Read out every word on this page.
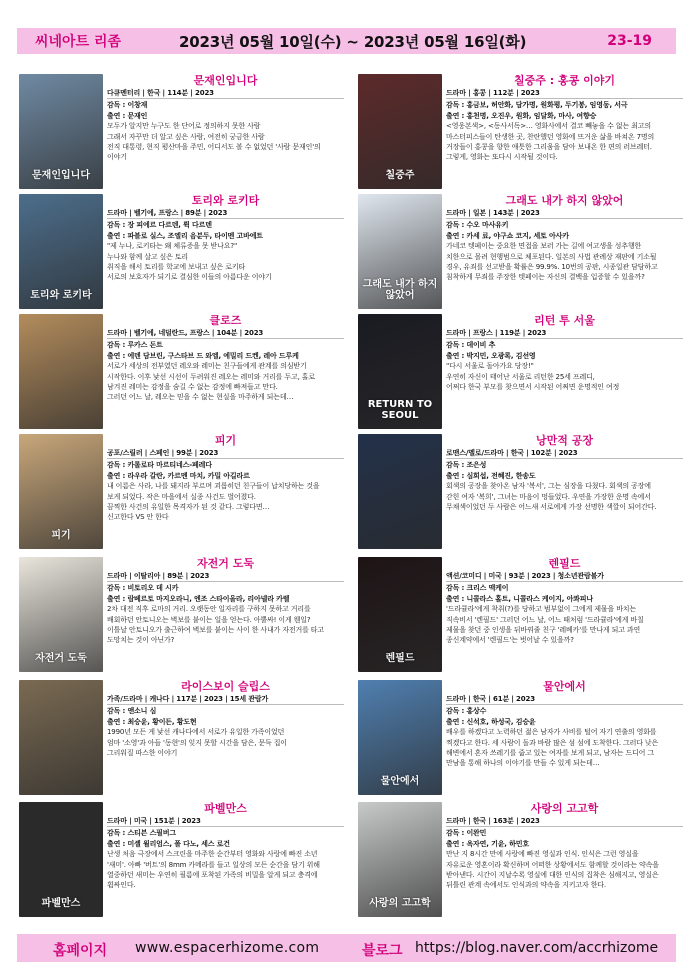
씨네아트 리좀	2023년 05월 10일(수) ~ 2023년 05월 16일(화)	23-19
문재인입니다
문재인입니다
다큐멘터리 | 한국 | 114분 | 2023
감독 : 이창재
출연 : 문재인

모두가 알지만 누구도 한 단어로 정의하지 못한 사람

그래서 자꾸만 더 알고 싶은 사람, 여전히 궁금한 사람

전직 대통령, 현직 평산마을 주민, 어디서도 볼 수 없었던 '사람 문재인'의

이야기

토리와 로키타
토리와 로키타
드라마 | 벨기에, 프랑스 | 89분 | 2023
감독 : 장 피에르 다르덴, 뤽 다르덴
출연 : 파블로 실스, 조엘리 음분두, 타이멘 고바에트

"제 누나, 로키타는 왜 체류증을 못 받나요?"

누나와 함께 살고 싶은 토리

취직을 해서 토리를 학교에 보내고 싶은 로키타

서로의 보호자가 되기로 결심한 이들의 아름다운 이야기

클로즈
드라마 | 벨기에, 네덜란드, 프랑스 | 104분 | 2023
감독 : 루카스 돈트
출연 : 에덴 담브린, 구스타브 드 와엘, 에밀리 드켄, 레아 드루케

서로가 세상의 전부였던 레오와 레미는 친구들에게 관계를 의심받기

시작한다. 이후 낯선 시선이 두려워진 레오는 레미와 거리를 두고, 홀로

남겨진 레미는 감정을 숨길 수 없는 감정에 빠져들고 만다.

그러던 어느 날, 레오는 믿을 수 없는 현실을 마주하게 되는데…

피기
피기
공포/스릴러 | 스페인 | 99분 | 2023
감독 : 카롤로타 마르티네스-페레다
출연 : 라우라 갈란, 카르멘 마치, 카밀 아길라르

내 이름은 사라, 나를 돼지라 부르며 괴롭히던 친구들이 납치당하는 것을

보게 되었다. 작은 마을에서 실종 사건도 벌어졌다.

끔찍한 사건의 유일한 목격자가 된 것 같다. 그렇다면…

신고한다 VS 안 한다

자전거 도둑
자전거 도둑
드라마 | 이탈리아 | 89분 | 2023
감독 : 비토리오 데 시카
출연 : 람베르토 마지오라니, 엔조 스타이올라, 리아넬라 카렐

2차 대전 직후 로마의 거리. 오랫동안 일자리를 구하지 못하고 거리를

배회하던 안토니오는 벽보를 붙이는 일을 얻는다. 아뿔싸! 이게 웬일?

이틀날 안토니오가 출근하여 벽보를 붙이는 사이 한 사내가 자전거를 타고

도망치는 것이 아닌가?

라이스보이 슬립스
가족/드라마 | 캐나다 | 117분 | 2023 | 15세 관람가
감독 : 앤소니 심
출연 : 최승윤, 황이든, 황도현

1990년 모든 게 낯선 캐나다에서 서로가 유일한 가족이었던

엄마 '소영'과 아들 '동현'의 잊지 못할 시간을 담은, 문득 집이

그리워질 따스한 이야기

파벨만스
파벨만스
드라마 | 미국 | 151분 | 2023
감독 : 스티븐 스필버그
출연 : 미셸 윌리엄스, 폴 다노, 세스 로건

난생 처음 극장에서 스크린을 마주한 순간부터 영화와 사랑에 빠진 소년

'새미'. 아빠 '버트'의 8mm 카메라를 들고 일상의 모든 순간을 담기 위해

열중하던 새미는 우연히 필름에 포착된 가족의 비밀을 알게 되고 충격에

휩싸인다.

칠중주
칠중주 : 홍콩 이야기
드라마 | 홍콩 | 112분 | 2023
감독 : 홍금보, 허안화, 담가명, 원화평, 두기봉, 임영동, 서극
출연 : 홍천명, 오진우, 원화, 임달화, 마사, 여향승

<영웅본색>, <동사서독>… 영화사에서 결코 빼놓을 수 없는 최고의

마스터피스들이 탄생한 곳, 찬란했던 영화에 뜨거운 삶을 바쳐온 7명의

거장들이 홍콩을 향한 애틋한 그리움을 담아 보내온 한 편의 러브레터.

그렇게, 영화는 또다시 시작될 것이다.

그래도 내가 하지 않았어
그래도 내가 하지 않았어
드라마 | 일본 | 143분 | 2023
감독 : 수오 마사유키
출연 : 카세 료, 야구쇼 코지, 세토 아사카

가네코 텟페이는 중요한 면접을 보러 가는 길에 여고생을 성추행한

치한으로 몰려 현행범으로 체포된다. 일본의 사법 관례상 재판에 기소될

경우, 유죄를 선고받을 확률은 99.9%. 10번의 공판, 시종일관 담담하고

침착하게 무죄를 주장한 텟페이는 자신의 결백을 입증할 수 있을까?

RETURN TO SEOUL
리턴 투 서울
드라마 | 프랑스 | 119분 | 2023
감독 : 데이비 추
출연 : 박지민, 오광록, 김선영

"다시 서울로 돌아가요 당장!"

우연히 자신이 태어난 서울로 리턴한 25세 프레디,

어쩌다 한국 부모를 찾으면서 시작된 어쩌면 운명적인 여정

낭만적 공장
로맨스/멜로/드라마 | 한국 | 102분 | 2023
감독 : 조은성
출연 : 심희섭, 전혜진, 한송도

회색의 공장을 찾아온 남자 '복서', 그는 심장을 다쳤다. 회색의 공장에

갇힌 여자 '복희', 그녀는 마음이 멍들었다. 우연을 가장한 운명 속에서

무채색이었던 두 사람은 어느새 서로에게 가장 선명한 색깔이 되어간다.

렌필드
렌필드
액션/코미디 | 미국 | 93분 | 2023 | 청소년관람불가
감독 : 크리스 맥케이
출연 : 니콜라스 홀트, 니콜라스 케이지, 아콰피나

'드라큘라'에게 착취(?)를 당하고 범부없이 그에게 제물을 바치는

직속비서 '렌필드' 그러던 어느 날, 어느 때처럼 '드라큘라'에게 바칠

제물을 찾던 중 인생을 뒤바꿔줄 친구 '레베카'를 만나게 되고 과연

종신계약에서 '렌필드'는 벗어날 수 있을까?

물안에서
물안에서
드라마 | 한국 | 61분 | 2023
감독 : 홍상수
출연 : 신석호, 하성국, 김승윤

배우를 하겠다고 노력하던 젊은 남자가 사비를 털어 자기 연출의 영화를

찍겠다고 한다. 세 사람이 돌과 바람 많은 섬 섬에 도착한다. 그러다 낮은

해변에서 혼자 쓰레기를 줍고 있는 여자를 보게 되고, 남자는 드디어 그

만남을 통해 하나의 이야기를 만들 수 있게 되는데…

사랑의 고고학
사랑의 고고학
드라마 | 한국 | 163분 | 2023
감독 : 이완민
출연 : 옥자연, 기윤, 하민호

만난 지 8시간 만에 사랑에 빠진 영실과 인식. 인식은 그런 영실을

자유로운 영혼이라 확신하며 어떠한 상황에서도 함께할 것이라는 약속을

받아낸다. 시간이 지날수록 영실에 대한 인식의 집착은 심해지고, 영실은

뒤틀린 관계 속에서도 인식과의 약속을 지키고자 한다.

홈페이지 www.espacerhizome.com	블로그 https://blog.naver.com/accrhizome
